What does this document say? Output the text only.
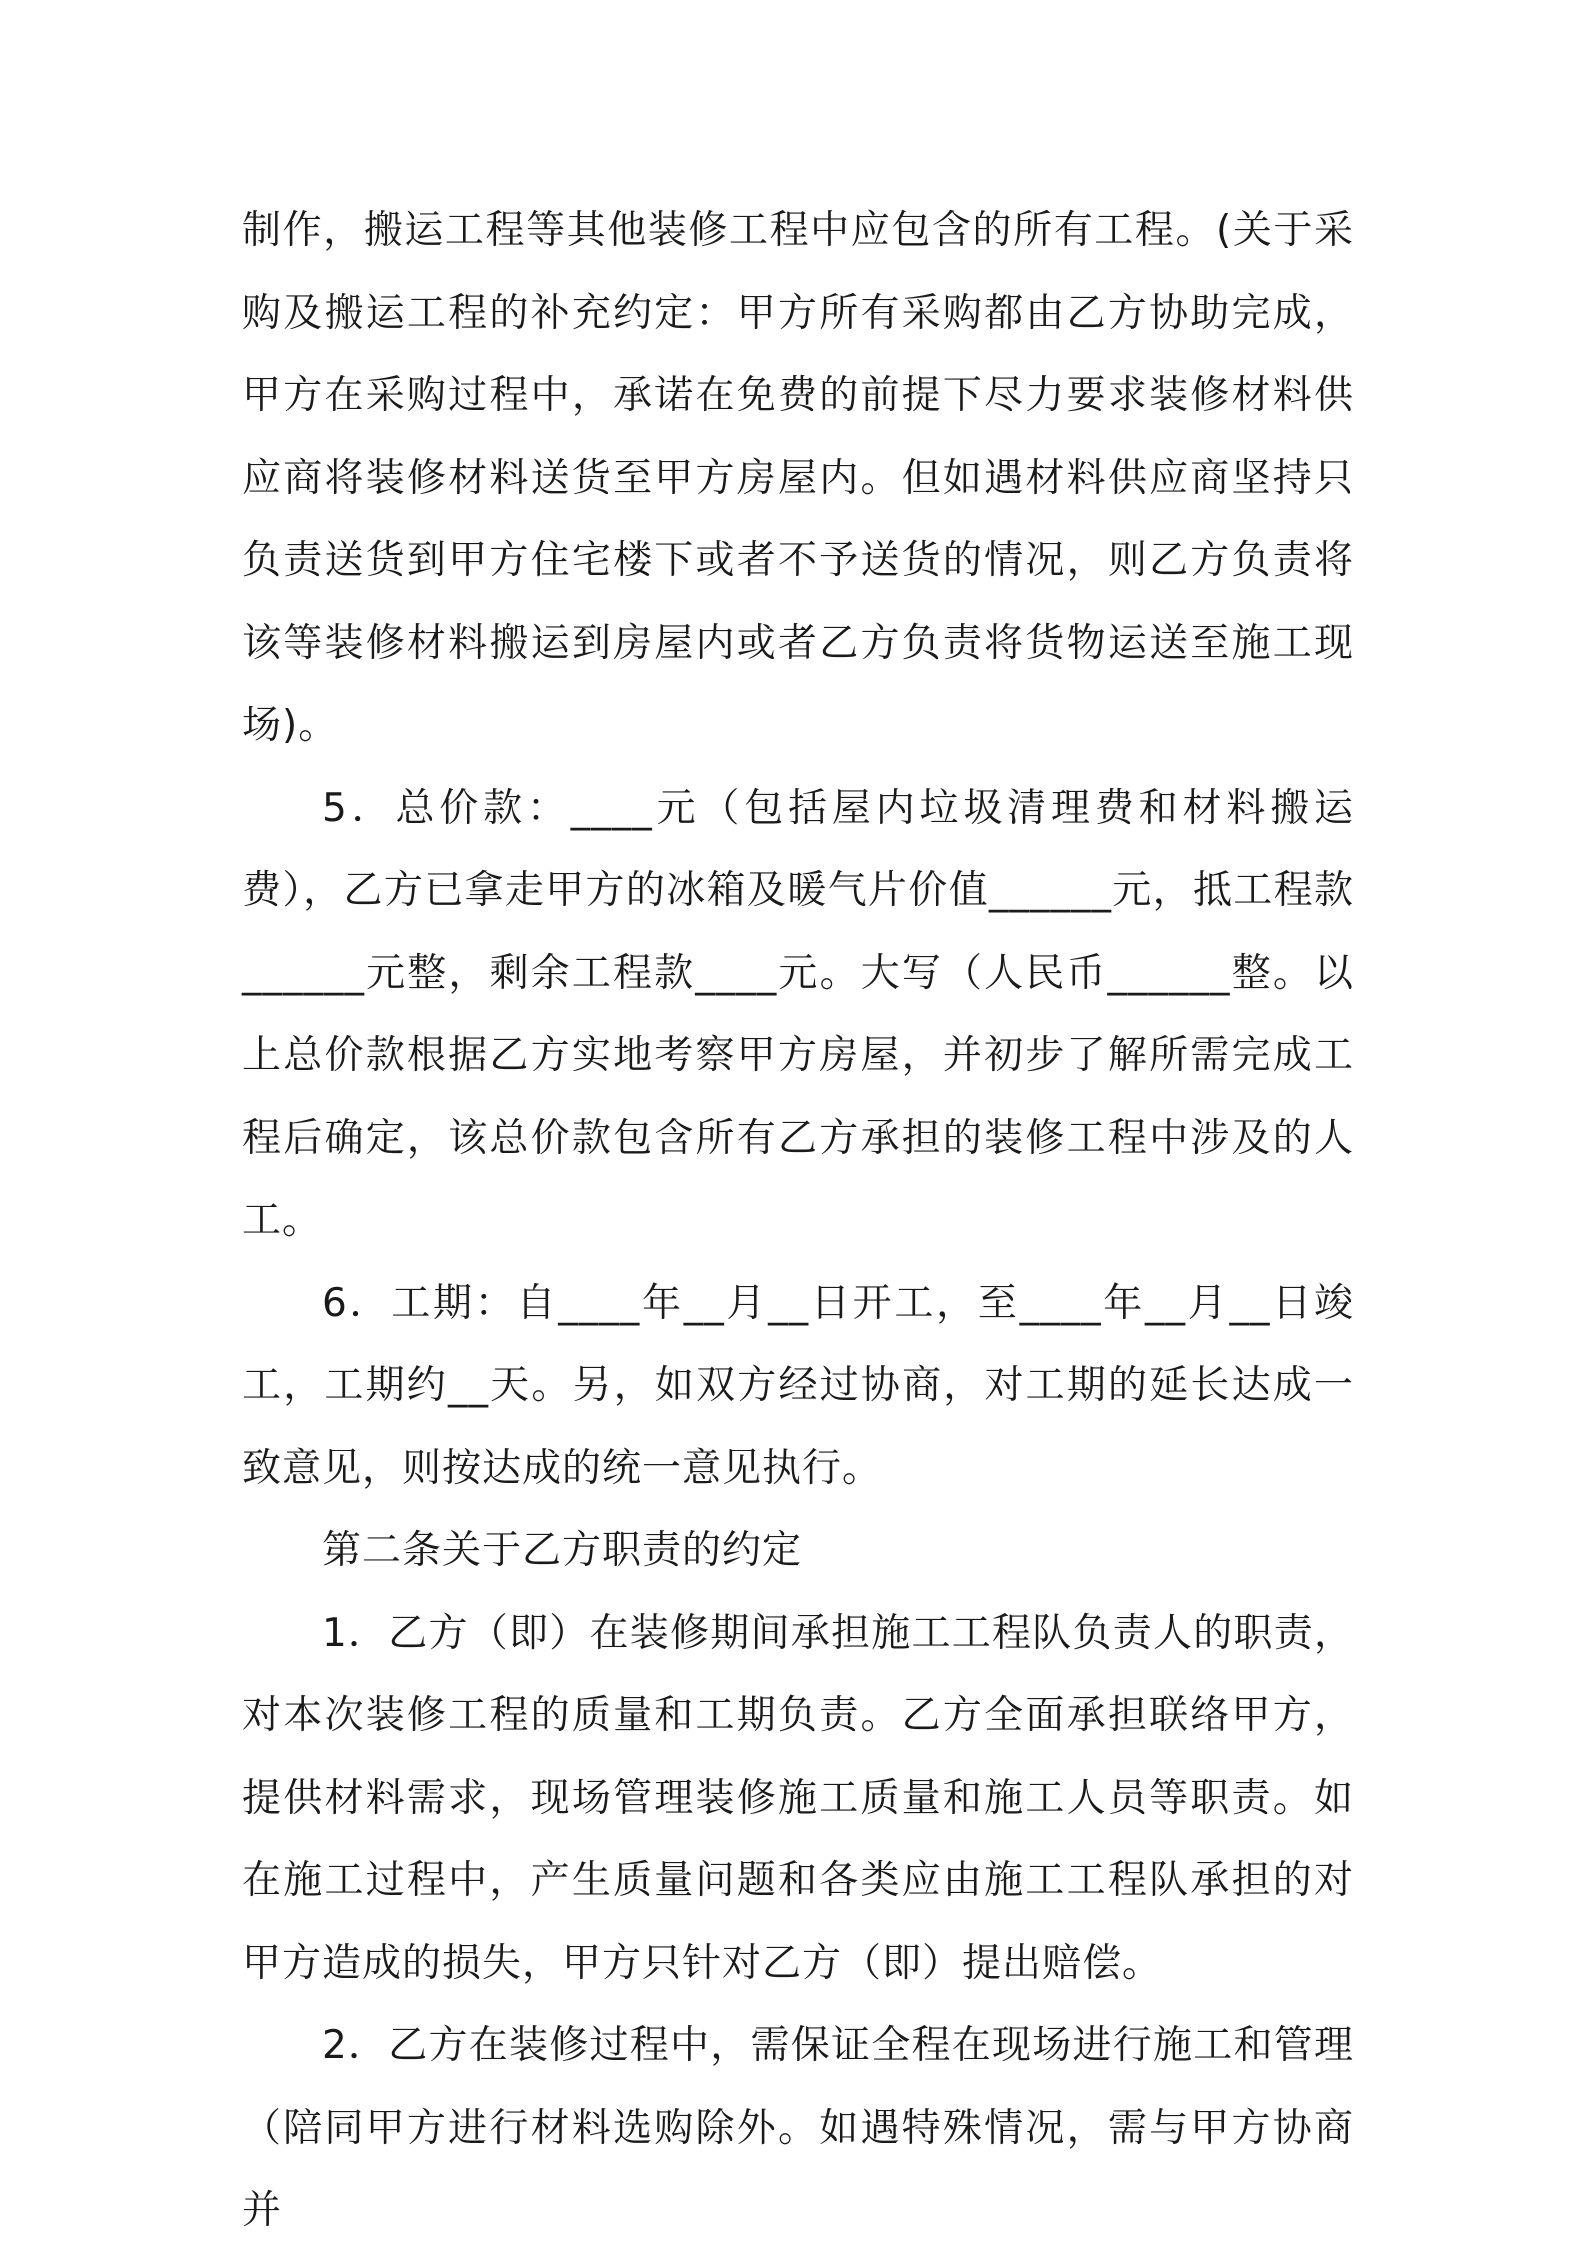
制作，搬运工程等其他装修工程中应包含的所有工程。(关于采购及搬运工程的补充约定：甲方所有采购都由乙方协助完成，甲方在采购过程中，承诺在免费的前提下尽力要求装修材料供应商将装修材料送货至甲方房屋内。但如遇材料供应商坚持只负责送货到甲方住宅楼下或者不予送货的情况，则乙方负责将该等装修材料搬运到房屋内或者乙方负责将货物运送至施工现场)。

5．总价款：____元（包括屋内垃圾清理费和材料搬运费），乙方已拿走甲方的冰箱及暖气片价值______元，抵工程款______元整，剩余工程款____元。大写（人民币______整。以上总价款根据乙方实地考察甲方房屋，并初步了解所需完成工程后确定，该总价款包含所有乙方承担的装修工程中涉及的人工。

6．工期：自____年__月__日开工，至____年__月__日竣工，工期约__天。另，如双方经过协商，对工期的延长达成一致意见，则按达成的统一意见执行。

第二条关于乙方职责的约定

1．乙方（即）在装修期间承担施工工程队负责人的职责，对本次装修工程的质量和工期负责。乙方全面承担联络甲方，提供材料需求，现场管理装修施工质量和施工人员等职责。如在施工过程中，产生质量问题和各类应由施工工程队承担的对甲方造成的损失，甲方只针对乙方（即）提出赔偿。

2．乙方在装修过程中，需保证全程在现场进行施工和管理（陪同甲方进行材料选购除外。如遇特殊情况，需与甲方协商并
